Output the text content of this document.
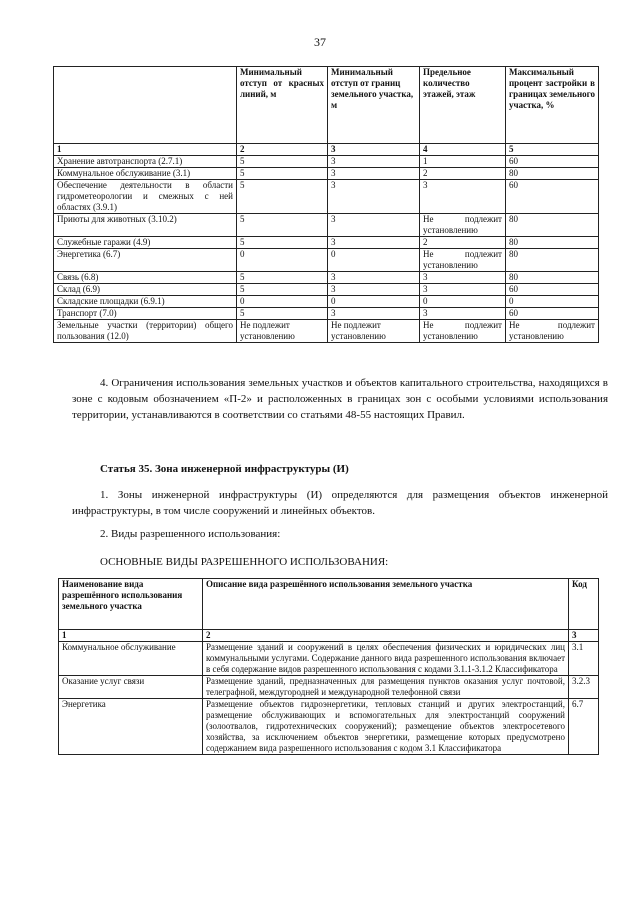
37
	Минимальный отступ от красных линий, м	Минимальный отступ от границ земельного участка, м	Предельное количество этажей, этаж	Максимальный процент застройки в границах земельного участка, %
1	2	3	4	5
Хранение автотранспорта (2.7.1)	5	3	1	60
Коммунальное обслуживание (3.1)	5	3	2	80
Обеспечение деятельности в области гидрометеорологии и смежных с ней областях (3.9.1)	5	3	3	60
Приюты для животных (3.10.2)	5	3	Не подлежит установлению	80
Служебные гаражи (4.9)	5	3	2	80
Энергетика (6.7)	0	0	Не подлежит установлению	80
Связь (6.8)	5	3	3	80
Склад (6.9)	5	3	3	60
Складские площадки (6.9.1)	0	0	0	0
Транспорт (7.0)	5	3	3	60
Земельные участки (территории) общего пользования (12.0)	Не подлежит установлению	Не подлежит установлению	Не подлежит установлению	Не подлежит установлению
4. Ограничения использования земельных участков и объектов капитального строительства, находящихся в зоне с кодовым обозначением «П-2» и расположенных в границах зон с особыми условиями использования территории, устанавливаются в соответствии со статьями 48-55 настоящих Правил.
Статья 35. Зона инженерной инфраструктуры (И)
1. Зоны инженерной инфраструктуры (И) определяются для размещения объектов инженерной инфраструктуры, в том числе сооружений и линейных объектов.
2. Виды разрешенного использования:
ОСНОВНЫЕ ВИДЫ РАЗРЕШЕННОГО ИСПОЛЬЗОВАНИЯ:
Наименование вида разрешённого использования земельного участка	Описание вида разрешённого использования земельного участка	Код
1	2	3
Коммунальное обслуживание	Размещение зданий и сооружений в целях обеспечения физических и юридических лиц коммунальными услугами. Содержание данного вида разрешенного использования включает в себя содержание видов разрешенного использования с кодами 3.1.1-3.1.2 Классификатора	3.1
Оказание услуг связи	Размещение зданий, предназначенных для размещения пунктов оказания услуг почтовой, телеграфной, междугородней и международной телефонной связи	3.2.3
Энергетика	Размещение объектов гидроэнергетики, тепловых станций и других электростанций, размещение обслуживающих и вспомогательных для электростанций сооружений (золоотвалов, гидротехнических сооружений); размещение объектов электросетевого хозяйства, за исключением объектов энергетики, размещение которых предусмотрено содержанием вида разрешенного использования с кодом 3.1 Классификатора	6.7
